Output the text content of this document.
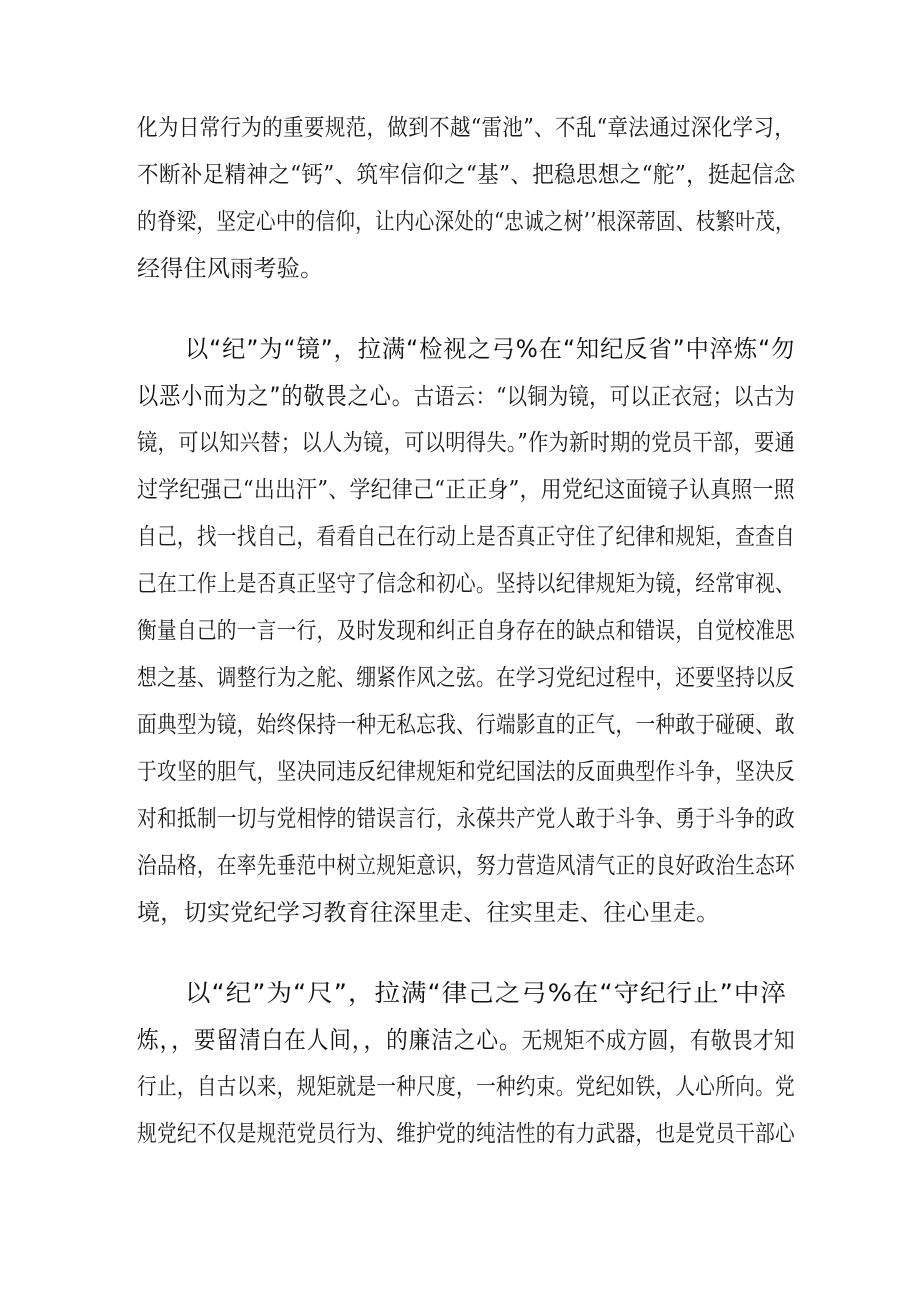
化为日常行为的重要规范，做到不越“雷池”、不乱“章法通过深化学习，
不断补足精神之“钙”、筑牢信仰之“基”、把稳思想之“舵”，挺起信念
的脊梁，坚定心中的信仰，让内心深处的“忠诚之树’’根深蒂固、枝繁叶茂，
经得住风雨考验。
以“纪”为“镜”，拉满“检视之弓%在“知纪反省”中淬炼“勿
以恶小而为之”的敬畏之心。古语云：“以铜为镜，可以正衣冠；以古为
镜，可以知兴替；以人为镜，可以明得失。”作为新时期的党员干部，要通
过学纪强己“出出汗”、学纪律己“正正身”，用党纪这面镜子认真照一照
自己，找一找自己，看看自己在行动上是否真正守住了纪律和规矩，查查自
己在工作上是否真正坚守了信念和初心。坚持以纪律规矩为镜，经常审视、
衡量自己的一言一行，及时发现和纠正自身存在的缺点和错误，自觉校准思
想之基、调整行为之舵、绷紧作风之弦。在学习党纪过程中，还要坚持以反
面典型为镜，始终保持一种无私忘我、行端影直的正气，一种敢于碰硬、敢
于攻坚的胆气，坚决同违反纪律规矩和党纪国法的反面典型作斗争，坚决反
对和抵制一切与党相悖的错误言行，永葆共产党人敢于斗争、勇于斗争的政
治品格，在率先垂范中树立规矩意识，努力营造风清气正的良好政治生态环
境，切实党纪学习教育往深里走、往实里走、往心里走。
以“纪”为“尺”，拉满“律己之弓%在“守纪行止”中淬
炼，，要留清白在人间，，的廉洁之心。无规矩不成方圆，有敬畏才知
行止，自古以来，规矩就是一种尺度，一种约束。党纪如铁，人心所向。党
规党纪不仅是规范党员行为、维护党的纯洁性的有力武器，也是党员干部心
